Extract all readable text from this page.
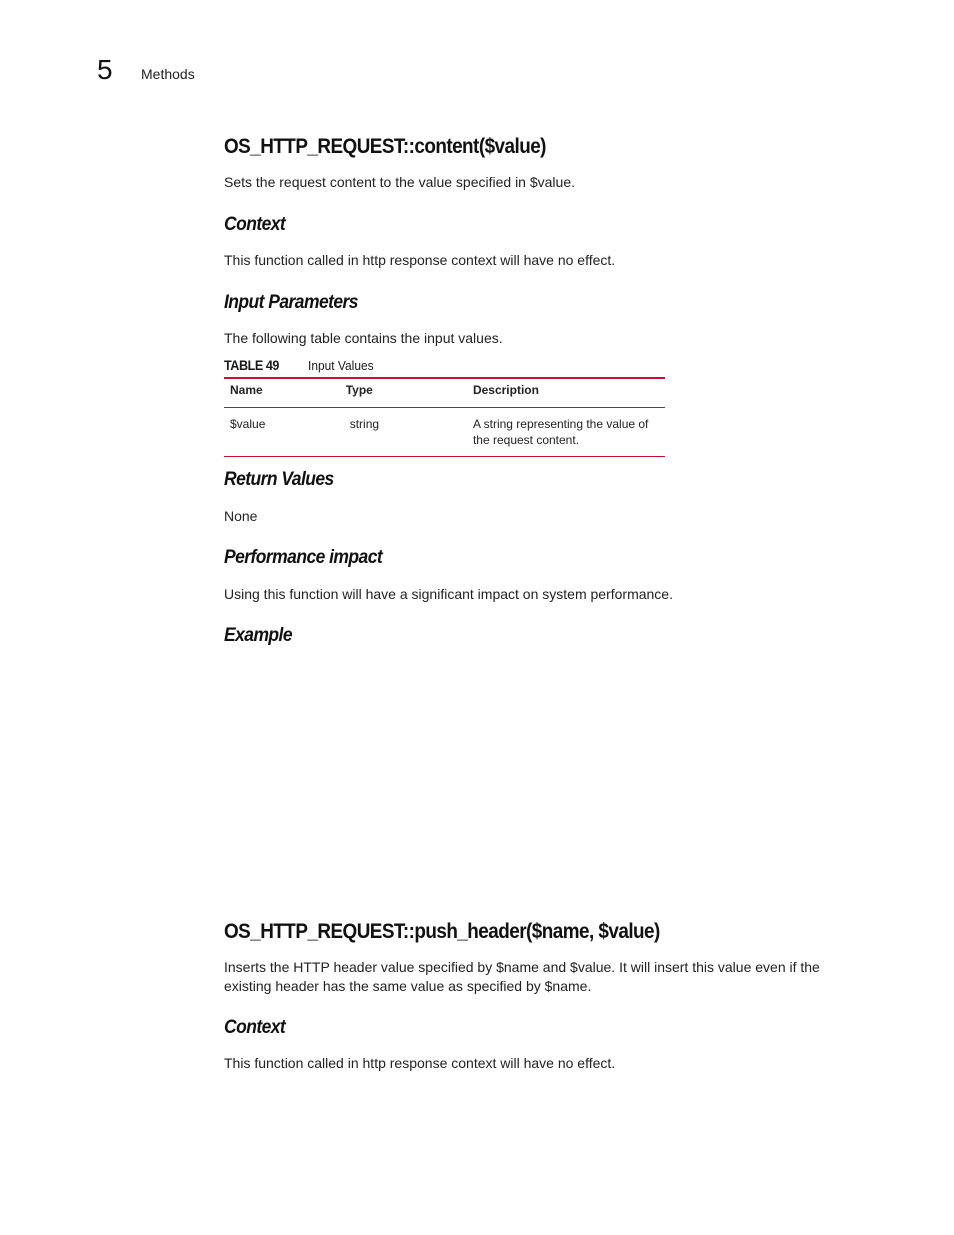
5 Methods
OS_HTTP_REQUEST::content($value)

Sets the request content to the value specified in $value.

Context

This function called in http response context will have no effect.

Input Parameters

The following table contains the input values.

TABLE 49 Input Values

Name	Type	Description
$value	string	A string representing the value of the request content.
Return Values

None

Performance impact

Using this function will have a significant impact on system performance.

Example
OS_HTTP_REQUEST::push_header($name, $value)

Inserts the HTTP header value specified by $name and $value. It will insert this value even if the existing header has the same value as specified by $name.

Context

This function called in http response context will have no effect.
